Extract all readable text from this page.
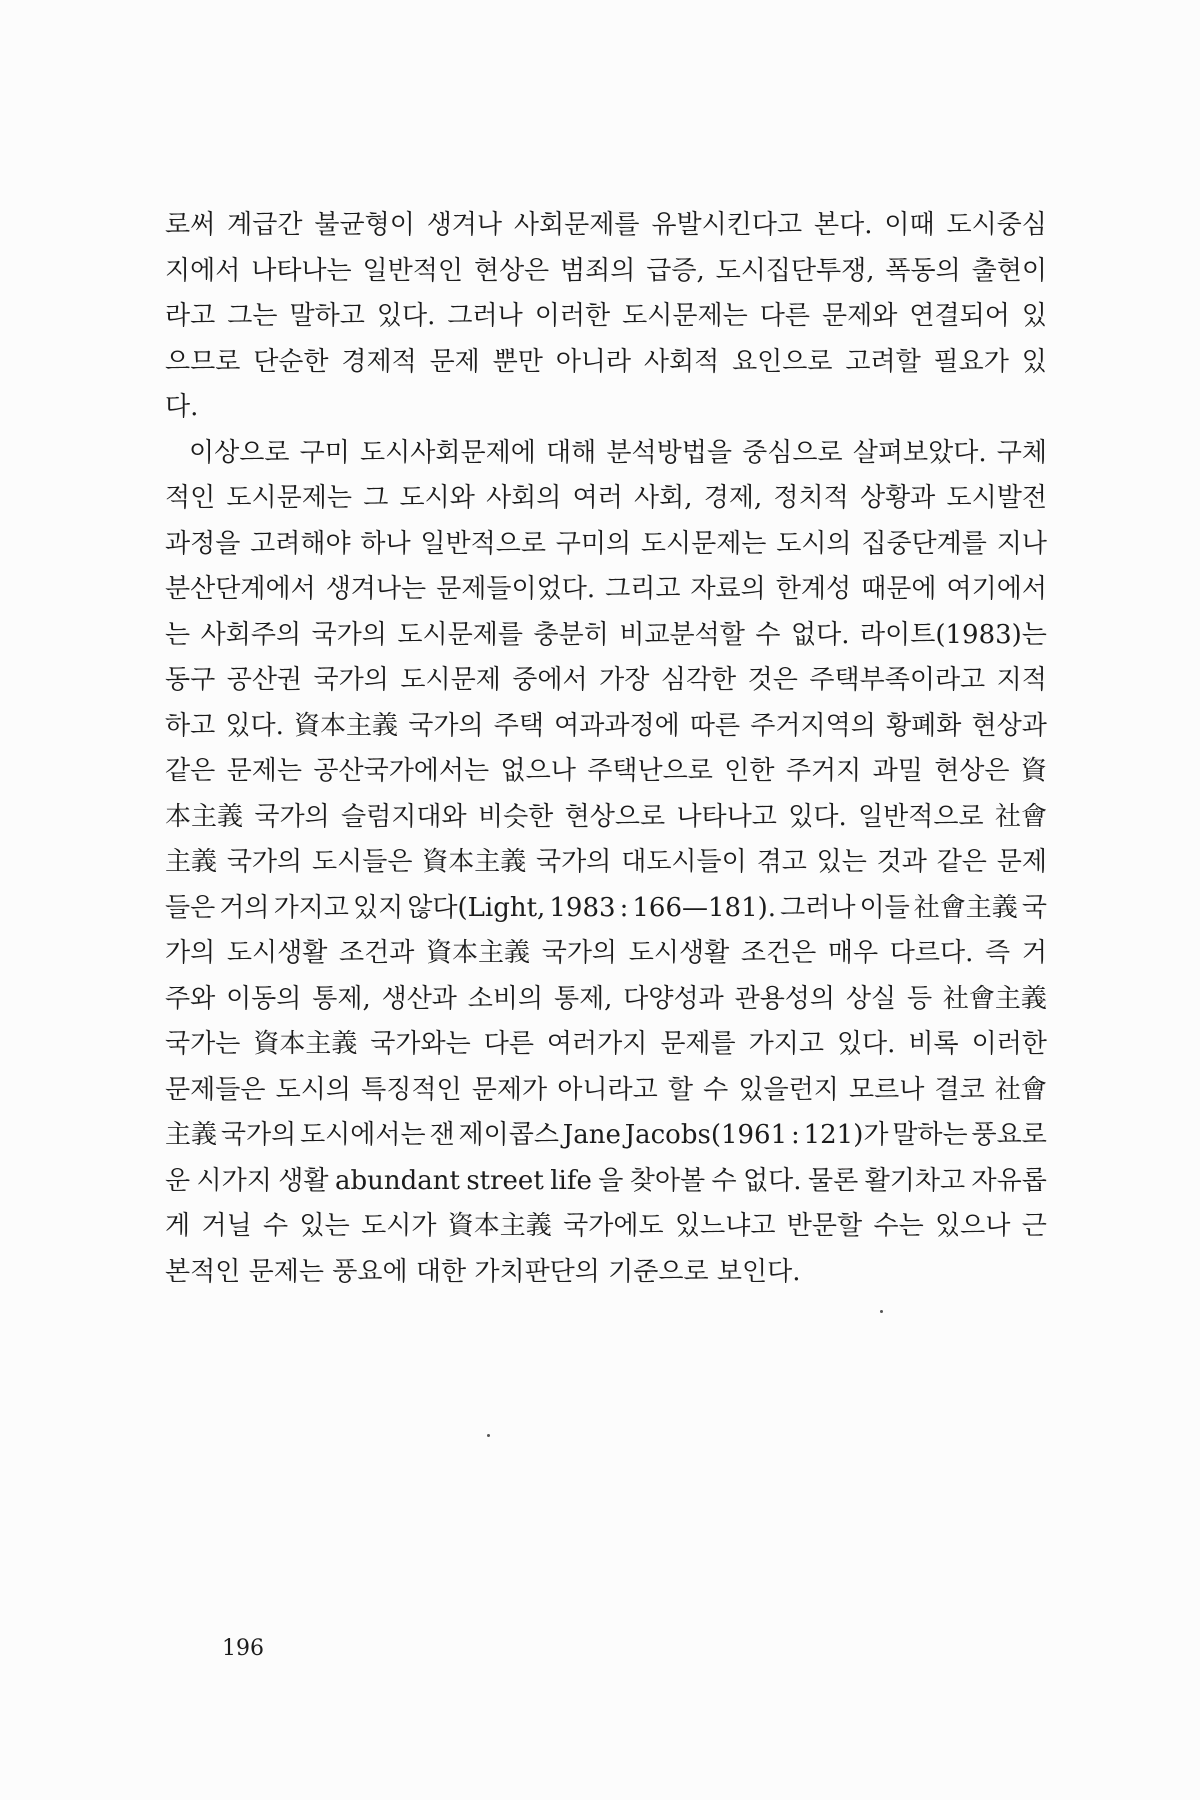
로써 계급간 불균형이 생겨나 사회문제를 유발시킨다고 본다. 이때 도시중심
지에서 나타나는 일반적인 현상은 범죄의 급증, 도시집단투쟁, 폭동의 출현이
라고 그는 말하고 있다. 그러나 이러한 도시문제는 다른 문제와 연결되어 있
으므로 단순한 경제적 문제 뿐만 아니라 사회적 요인으로 고려할 필요가 있
다.
이상으로 구미 도시사회문제에 대해 분석방법을 중심으로 살펴보았다. 구체
적인 도시문제는 그 도시와 사회의 여러 사회, 경제, 정치적 상황과 도시발전
과정을 고려해야 하나 일반적으로 구미의 도시문제는 도시의 집중단계를 지나
분산단계에서 생겨나는 문제들이었다. 그리고 자료의 한계성 때문에 여기에서
는 사회주의 국가의 도시문제를 충분히 비교분석할 수 없다. 라이트(1983)는
동구 공산권 국가의 도시문제 중에서 가장 심각한 것은 주택부족이라고 지적
하고 있다. 資本主義 국가의 주택 여과과정에 따른 주거지역의 황폐화 현상과
같은 문제는 공산국가에서는 없으나 주택난으로 인한 주거지 과밀 현상은 資
本主義 국가의 슬럼지대와 비슷한 현상으로 나타나고 있다. 일반적으로 社會
主義 국가의 도시들은 資本主義 국가의 대도시들이 겪고 있는 것과 같은 문제
들은 거의 가지고 있지 않다(Light, 1983 : 166—181). 그러나 이들 社會主義 국
가의 도시생활 조건과 資本主義 국가의 도시생활 조건은 매우 다르다. 즉 거
주와 이동의 통제, 생산과 소비의 통제, 다양성과 관용성의 상실 등 社會主義
국가는 資本主義 국가와는 다른 여러가지 문제를 가지고 있다. 비록 이러한
문제들은 도시의 특징적인 문제가 아니라고 할 수 있을런지 모르나 결코 社會
主義 국가의 도시에서는 잰 제이콥스 Jane Jacobs(1961 : 121)가 말하는 풍요로
운 시가지 생활 abundant street life 을 찾아볼 수 없다. 물론 활기차고 자유롭
게 거닐 수 있는 도시가 資本主義 국가에도 있느냐고 반문할 수는 있으나 근
본적인 문제는 풍요에 대한 가치판단의 기준으로 보인다.
196
